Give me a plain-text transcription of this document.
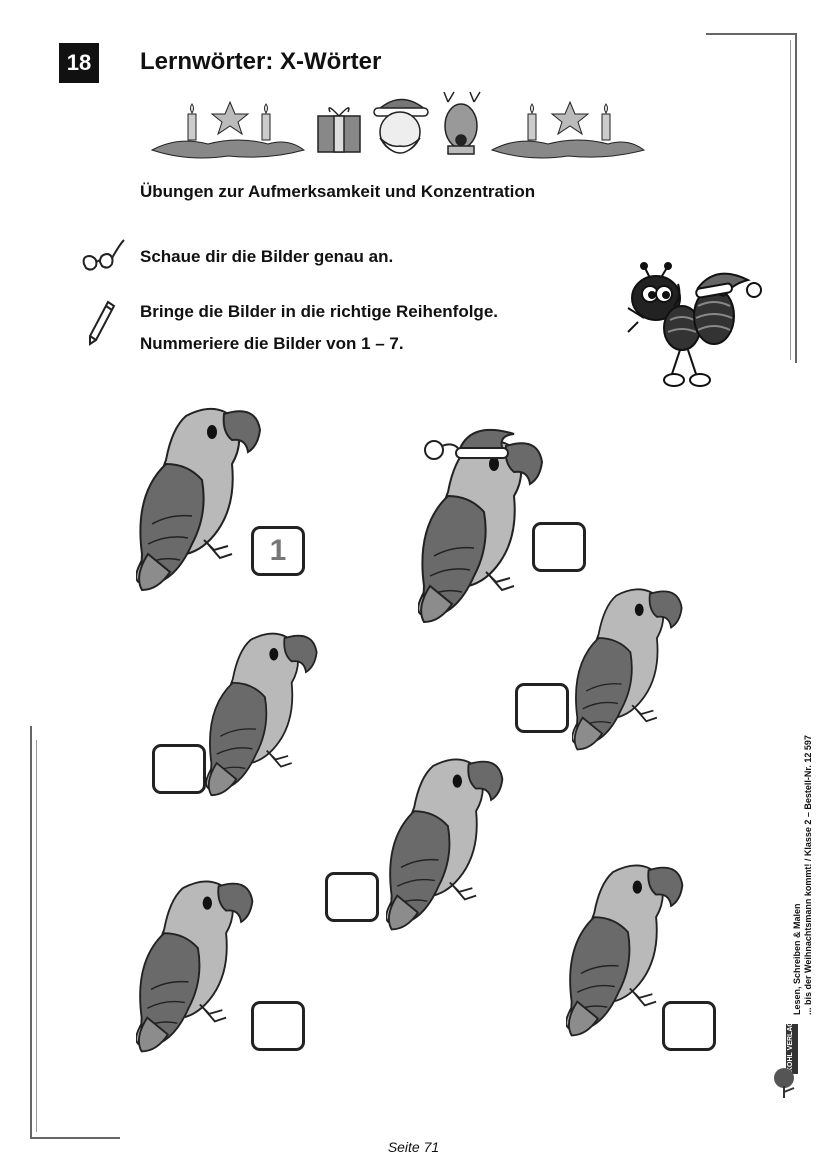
18	Lernwörter: X-Wörter
Übungen zur Aufmerksamkeit und Konzentration
Schaue dir die Bilder genau an.
Bringe die Bilder in die richtige Reihenfolge.
Nummeriere die Bilder von 1 – 7.
1
Lesen, Schreiben & Malen ... bis der Weihnachtsmann kommt! / Klasse 2 – Bestell-Nr. 12 597
KOHL VERLAG
Seite 71
